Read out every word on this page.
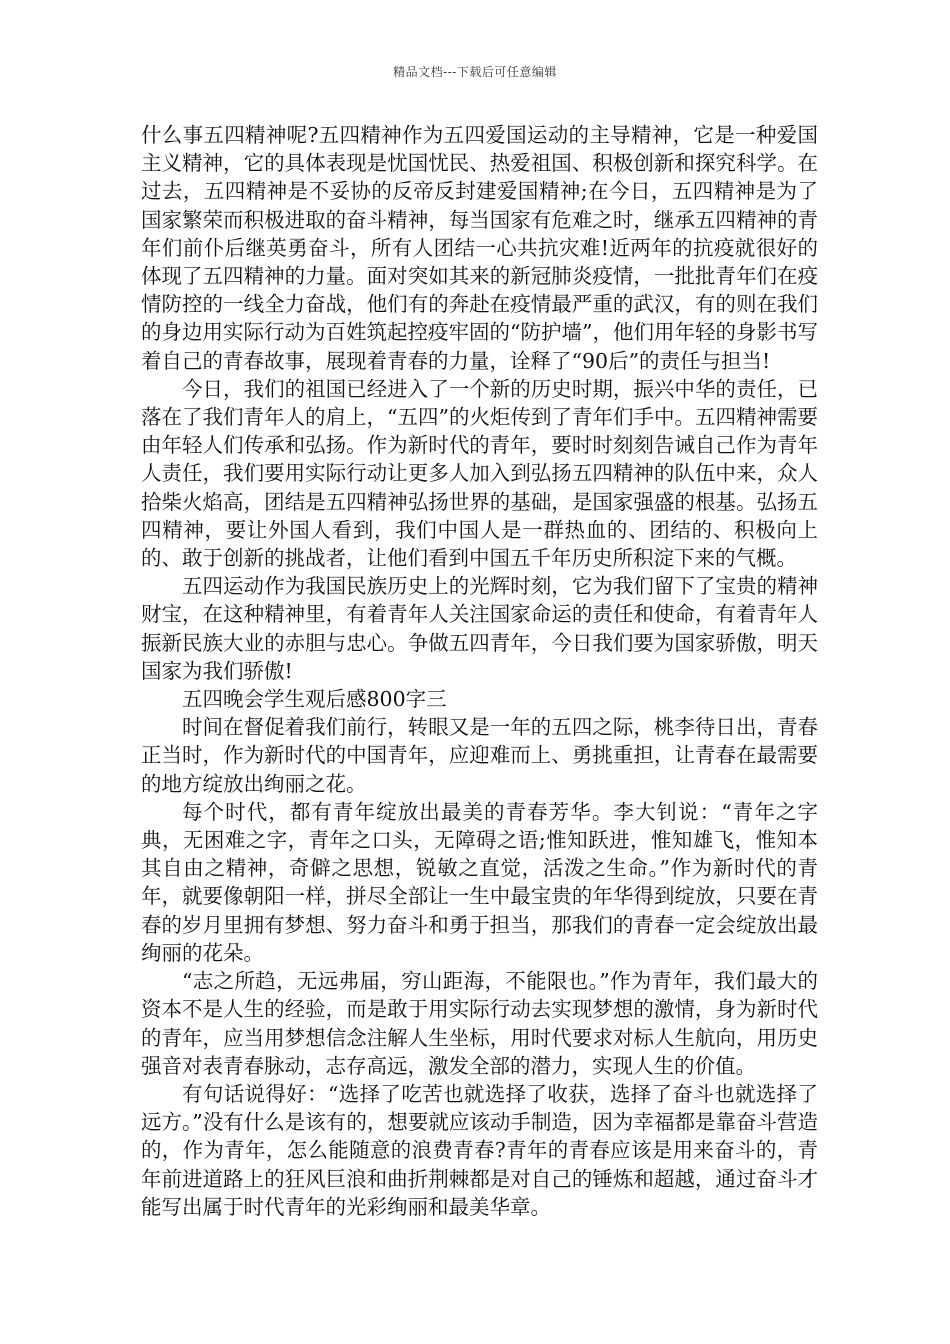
精品文档---下载后可任意编辑

什么事五四精神呢?五四精神作为五四爱国运动的主导精神，它是一种爱国主义精神，它的具体表现是忧国忧民、热爱祖国、积极创新和探究科学。在过去，五四精神是不妥协的反帝反封建爱国精神;在今日，五四精神是为了国家繁荣而积极进取的奋斗精神，每当国家有危难之时，继承五四精神的青年们前仆后继英勇奋斗，所有人团结一心共抗灾难!近两年的抗疫就很好的体现了五四精神的力量。面对突如其来的新冠肺炎疫情，一批批青年们在疫情防控的一线全力奋战，他们有的奔赴在疫情最严重的武汉，有的则在我们的身边用实际行动为百姓筑起控疫牢固的“防护墙”，他们用年轻的身影书写着自己的青春故事，展现着青春的力量，诠释了“90后”的责任与担当!

今日，我们的祖国已经进入了一个新的历史时期，振兴中华的责任，已落在了我们青年人的肩上，“五四”的火炬传到了青年们手中。五四精神需要由年轻人们传承和弘扬。作为新时代的青年，要时时刻刻告诫自己作为青年人责任，我们要用实际行动让更多人加入到弘扬五四精神的队伍中来，众人拾柴火焰高，团结是五四精神弘扬世界的基础，是国家强盛的根基。弘扬五四精神，要让外国人看到，我们中国人是一群热血的、团结的、积极向上的、敢于创新的挑战者，让他们看到中国五千年历史所积淀下来的气概。

五四运动作为我国民族历史上的光辉时刻，它为我们留下了宝贵的精神财宝，在这种精神里，有着青年人关注国家命运的责任和使命，有着青年人振新民族大业的赤胆与忠心。争做五四青年，今日我们要为国家骄傲，明天国家为我们骄傲!

五四晚会学生观后感800字三

时间在督促着我们前行，转眼又是一年的五四之际，桃李待日出，青春正当时，作为新时代的中国青年，应迎难而上、勇挑重担，让青春在最需要的地方绽放出绚丽之花。

每个时代，都有青年绽放出最美的青春芳华。李大钊说：“青年之字典，无困难之字，青年之口头，无障碍之语;惟知跃进，惟知雄飞，惟知本其自由之精神，奇僻之思想，锐敏之直觉，活泼之生命。”作为新时代的青年，就要像朝阳一样，拼尽全部让一生中最宝贵的年华得到绽放，只要在青春的岁月里拥有梦想、努力奋斗和勇于担当，那我们的青春一定会绽放出最绚丽的花朵。

“志之所趋，无远弗届，穷山距海，不能限也。”作为青年，我们最大的资本不是人生的经验，而是敢于用实际行动去实现梦想的激情，身为新时代的青年，应当用梦想信念注解人生坐标，用时代要求对标人生航向，用历史强音对表青春脉动，志存高远，激发全部的潜力，实现人生的价值。

有句话说得好：“选择了吃苦也就选择了收获，选择了奋斗也就选择了远方。”没有什么是该有的，想要就应该动手制造，因为幸福都是靠奋斗营造的，作为青年，怎么能随意的浪费青春?青年的青春应该是用来奋斗的，青年前进道路上的狂风巨浪和曲折荆棘都是对自己的锤炼和超越，通过奋斗才能写出属于时代青年的光彩绚丽和最美华章。
